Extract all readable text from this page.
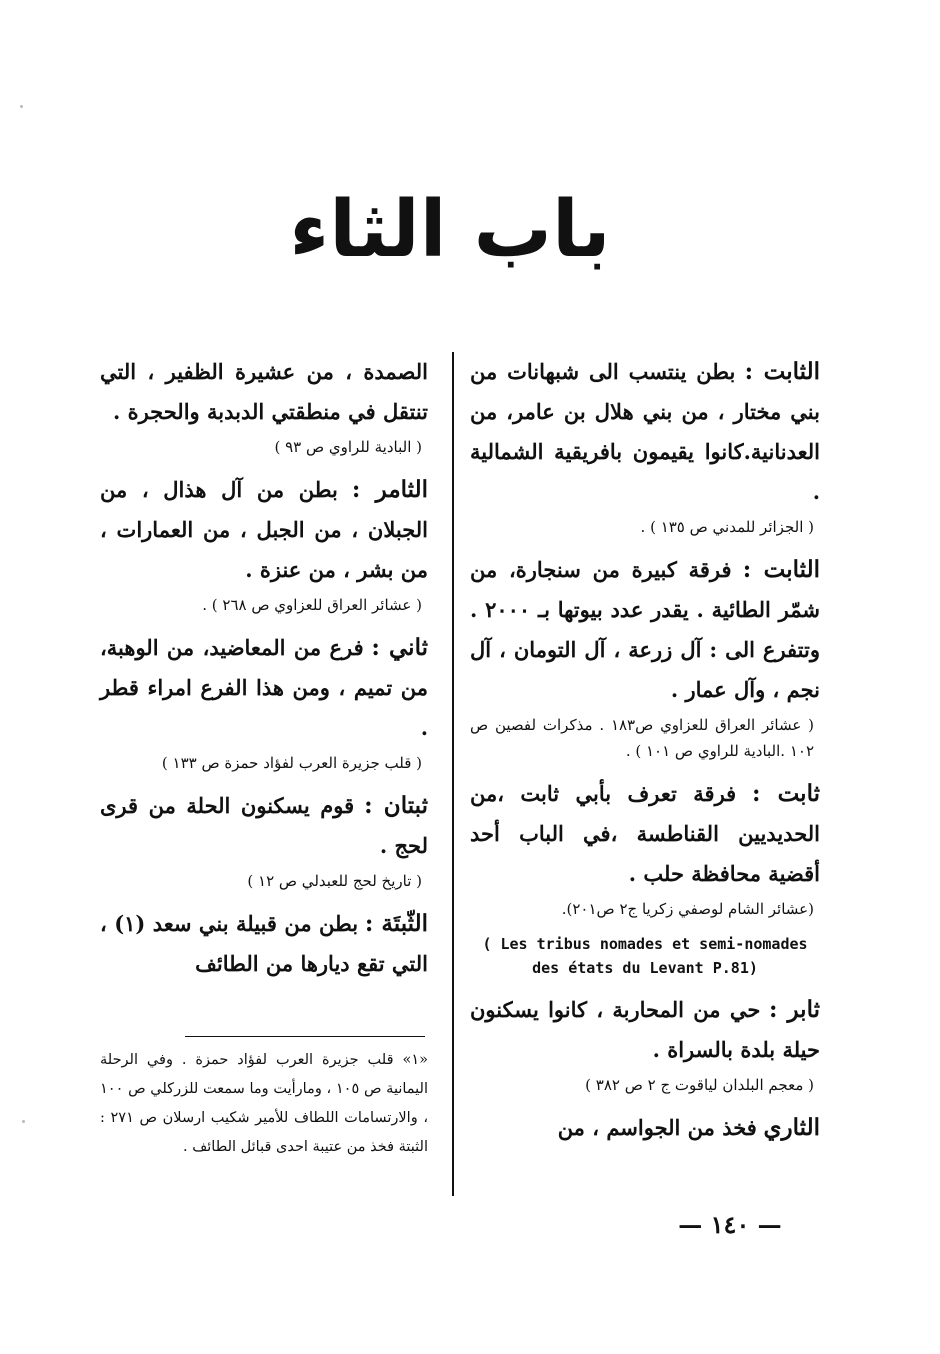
باب الثاء

الثابت : بطن ينتسب الى شبهانات من بني مختار ، من بني هلال بن عامر، من العدنانية.كانوا يقيمون بافريقية الشمالية .

( الجزائر للمدني ص ١٣٥ ) .

الثابت : فرقة كبيرة من سنجارة، من شمّر الطائية . يقدر عدد بيوتها بـ ٢٠٠٠ . وتتفرع الى : آل زرعة ، آل التومان ، آل نجم ، وآل عمار .

( عشائر العراق للعزاوي ص١٨٣ . مذكرات لفصين ص ١٠٢ .البادية للراوي ص ١٠١ ) .

ثابت : فرقة تعرف بأبي ثابت ،من الحديديين القناطسة ،في الباب أحد أقضية محافظة حلب .

(عشائر الشام لوصفي زكريا ج٢ ص٢٠١).

( Les tribus nomades et semi-nomades des états du Levant P.81)

ثابر : حي من المحاربة ، كانوا يسكنون حيلة بلدة بالسراة .

( معجم البلدان لياقوت ج ٢ ص ٣٨٢ )

الثاري فخذ من الجواسم ، من

الصمدة ، من عشيرة الظفير ، التي تنتقل في منطقتي الدبدبة والحجرة .

( البادية للراوي ص ٩٣ )

الثامر : بطن من آل هذال ، من الجبلان ، من الجبل ، من العمارات ، من بشر ، من عنزة .

( عشائر العراق للعزاوي ص ٢٦٨ ) .

ثاني : فرع من المعاضيد، من الوهبة، من تميم ، ومن هذا الفرع امراء قطر .

( قلب جزيرة العرب لفؤاد حمزة ص ١٣٣ )

ثبتان : قوم يسكنون الحلة من قرى لحج .

( تاريخ لحج للعبدلي ص ١٢ )

الثّبتَة : بطن من قبيلة بني سعد (١) ، التي تقع ديارها من الطائف

«١» قلب جزيرة العرب لفؤاد حمزة . وفي الرحلة اليمانية ص ١٠٥ ، ومارأيت وما سمعت للزركلي ص ١٠٠ ، والارتسامات اللطاف للأمير شكيب ارسلان ص ٢٧١ : الثبتة فخذ من عتيبة احدى قبائل الطائف .
— ١٤٠ —
